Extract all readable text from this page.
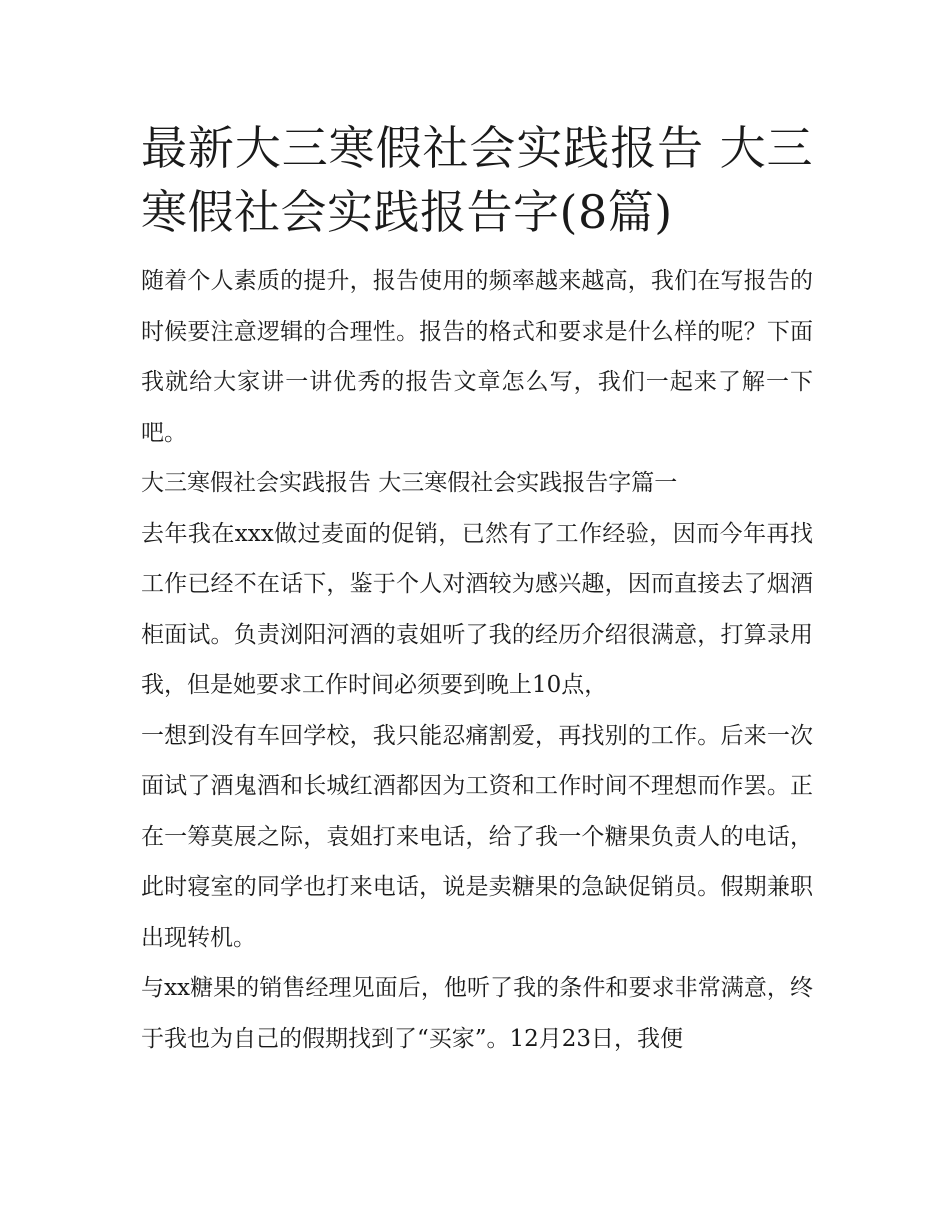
最新大三寒假社会实践报告 大三寒假社会实践报告字(8篇)

随着个人素质的提升，报告使用的频率越来越高，我们在写报告的时候要注意逻辑的合理性。报告的格式和要求是什么样的呢？下面我就给大家讲一讲优秀的报告文章怎么写，我们一起来了解一下吧。

大三寒假社会实践报告 大三寒假社会实践报告字篇一

去年我在xxx做过麦面的促销，已然有了工作经验，因而今年再找工作已经不在话下，鉴于个人对酒较为感兴趣，因而直接去了烟酒柜面试。负责浏阳河酒的袁姐听了我的经历介绍很满意，打算录用我，但是她要求工作时间必须要到晚上10点，

一想到没有车回学校，我只能忍痛割爱，再找别的工作。后来一次面试了酒鬼酒和长城红酒都因为工资和工作时间不理想而作罢。正在一筹莫展之际，袁姐打来电话，给了我一个糖果负责人的电话，此时寝室的同学也打来电话，说是卖糖果的急缺促销员。假期兼职出现转机。

与xx糖果的销售经理见面后，他听了我的条件和要求非常满意，终于我也为自己的假期找到了“买家”。12月23日，我便
